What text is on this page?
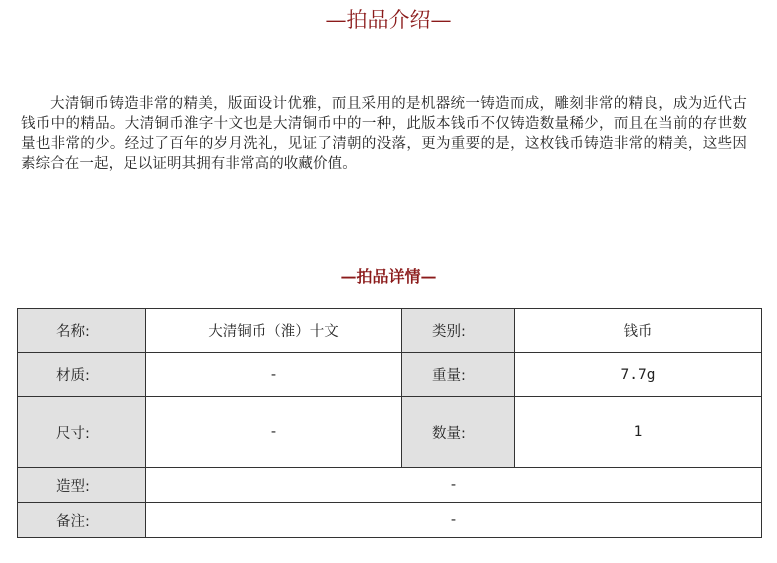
—拍品介绍—

大清铜币铸造非常的精美，版面设计优雅，而且采用的是机器统一铸造而成，雕刻非常的精良，成为近代古钱币中的精品。大清铜币淮字十文也是大清铜币中的一种，此版本钱币不仅铸造数量稀少，而且在当前的存世数量也非常的少。经过了百年的岁月洗礼，见证了清朝的没落，更为重要的是，这枚钱币铸造非常的精美，这些因素综合在一起，足以证明其拥有非常高的收藏价值。

—拍品详情—
名称:	大清铜币（淮）十文	类别:	钱币
材质:	-	重量:	7.7g
尺寸:	-	数量:	1
造型:	-		
备注:	-		
